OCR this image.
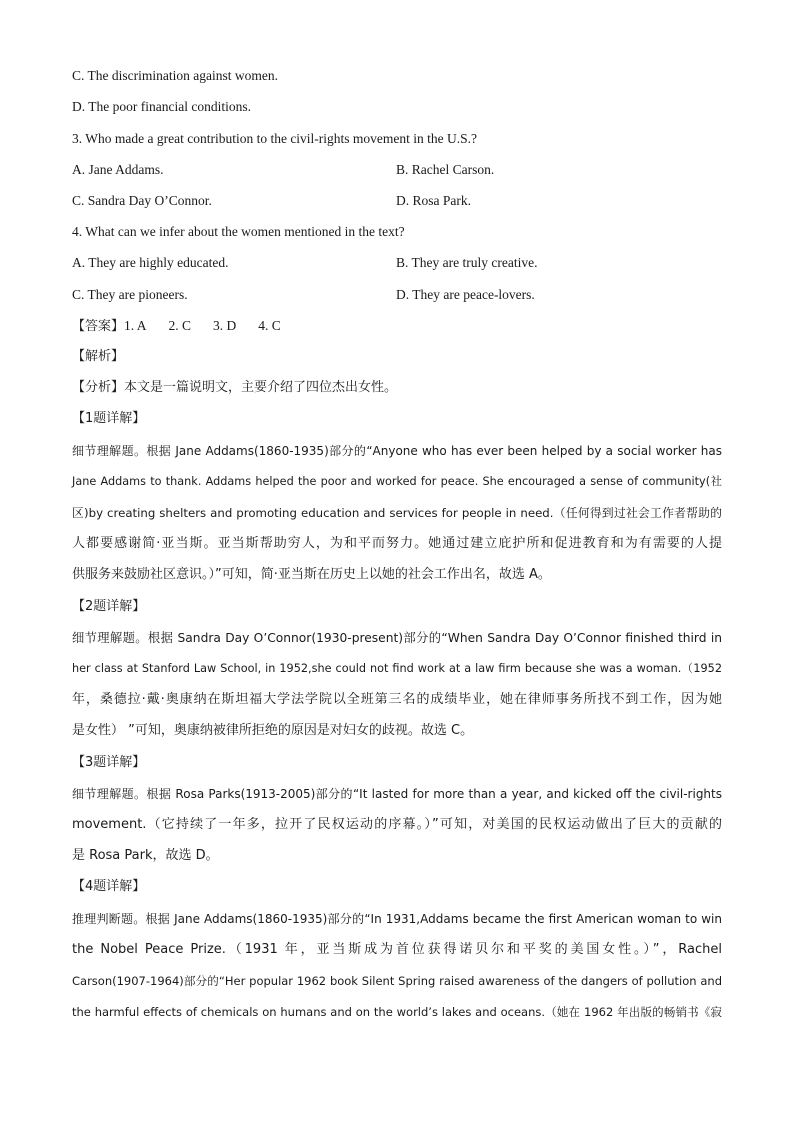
C. The discrimination against women.
D. The poor financial conditions.
3. Who made a great contribution to the civil-rights movement in the U.S.?
A. Jane Addams.	B. Rachel Carson.
C. Sandra Day O’Connor.	D. Rosa Park.
4. What can we infer about the women mentioned in the text?
A. They are highly educated.	B. They are truly creative.
C. They are pioneers.	D. They are peace-lovers.
【答案】1. A 2. C 3. D 4. C
【解析】
【分析】本文是一篇说明文，主要介绍了四位杰出女性。
【1题详解】
细节理解题。根据 Jane Addams(1860-1935)部分的“Anyone who has ever been helped by a social worker has
Jane Addams to thank. Addams helped the poor and worked for peace. She encouraged a sense of community(社
区)by creating shelters and promoting education and services for people in need.（任何得到过社会工作者帮助的
人都要感谢简·亚当斯。亚当斯帮助穷人，为和平而努力。她通过建立庇护所和促进教育和为有需要的人提
供服务来鼓励社区意识。）”可知，简·亚当斯在历史上以她的社会工作出名，故选 A。
【2题详解】
细节理解题。根据 Sandra Day O’Connor(1930-present)部分的“When Sandra Day O’Connor finished third in
her class at Stanford Law School, in 1952,she could not find work at a law firm because she was a woman.（1952
年，桑德拉·戴·奥康纳在斯坦福大学法学院以全班第三名的成绩毕业，她在律师事务所找不到工作，因为她
是女性） ”可知，奥康纳被律所拒绝的原因是对妇女的歧视。故选 C。
【3题详解】
细节理解题。根据 Rosa Parks(1913-2005)部分的“It lasted for more than a year, and kicked off the civil-rights
movement.（它持续了一年多，拉开了民权运动的序幕。）”可知，对美国的民权运动做出了巨大的贡献的
是 Rosa Park，故选 D。
【4题详解】
推理判断题。根据 Jane Addams(1860-1935)部分的“In 1931,Addams became the first American woman to win
the Nobel Peace Prize.（1931 年，亚当斯成为首位获得诺贝尔和平奖的美国女性。）”，Rachel
Carson(1907-1964)部分的“Her popular 1962 book Silent Spring raised awareness of the dangers of pollution and
the harmful effects of chemicals on humans and on the world’s lakes and oceans.（她在 1962 年出版的畅销书《寂
